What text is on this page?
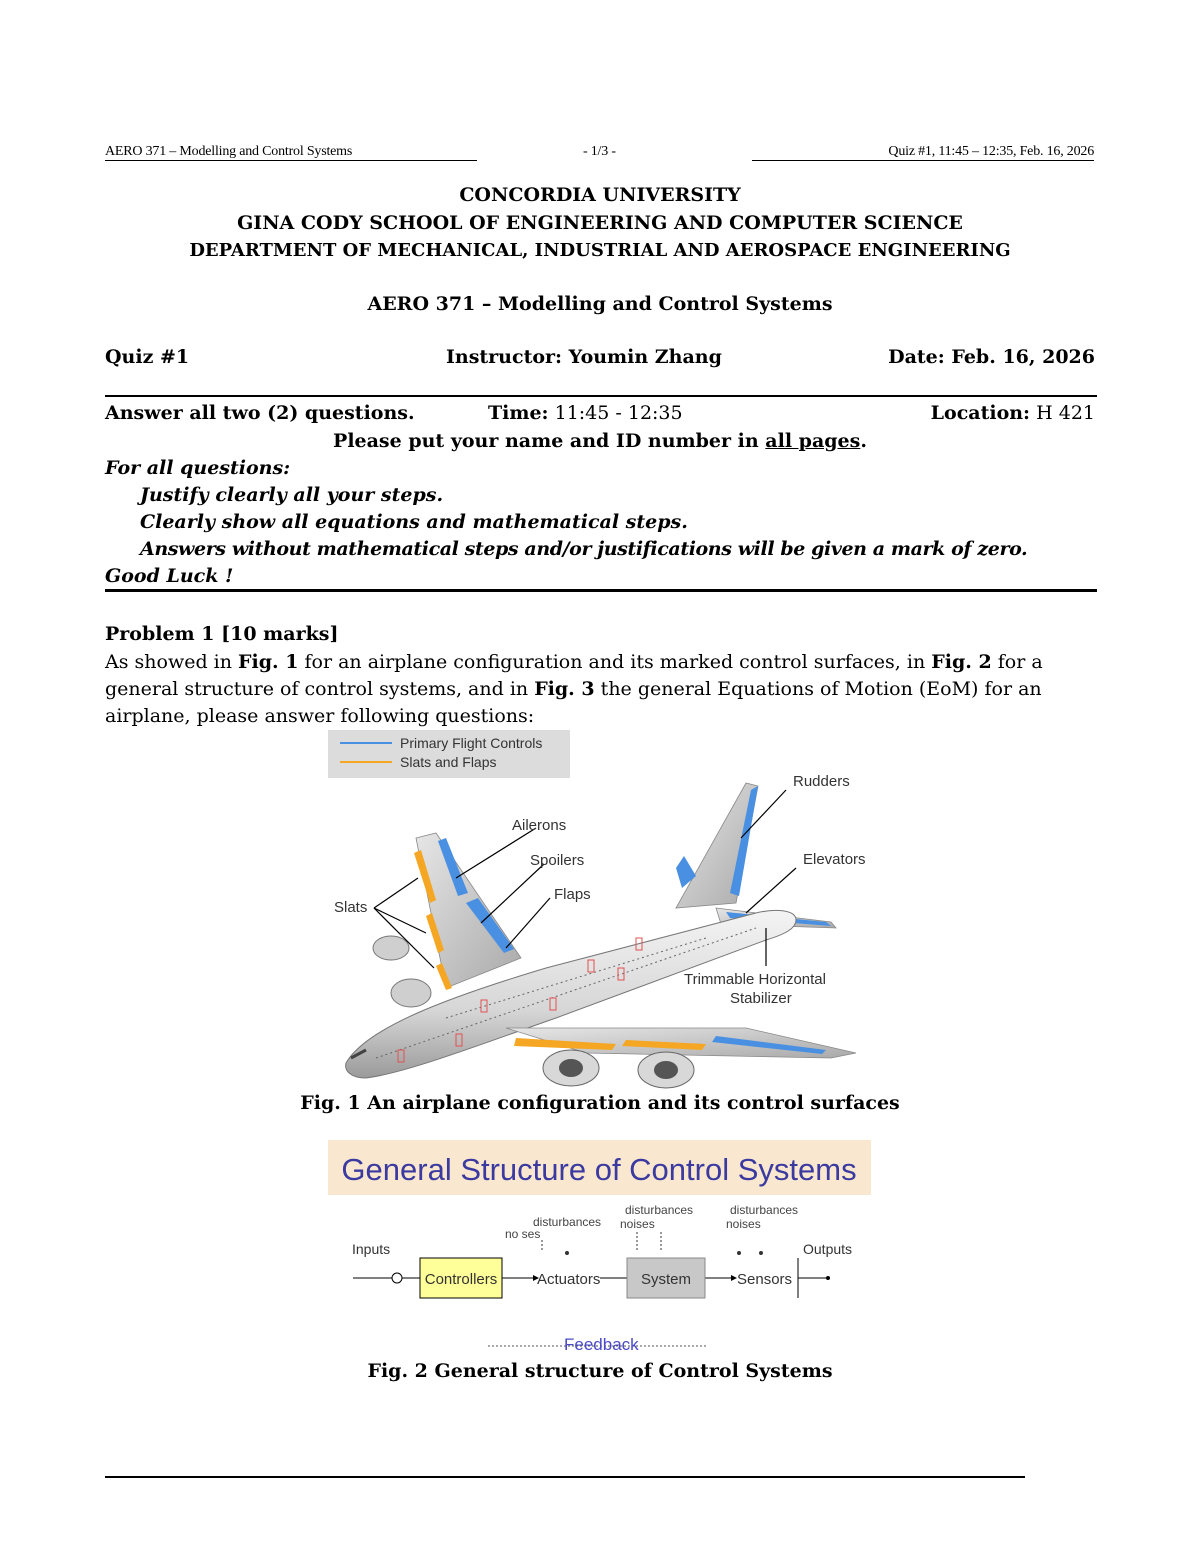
AERO 371 – Modelling and Control Systems	- 1/3 -	Quiz #1, 11:45 – 12:35, Feb. 16, 2026
CONCORDIA UNIVERSITY
GINA CODY SCHOOL OF ENGINEERING AND COMPUTER SCIENCE
DEPARTMENT OF MECHANICAL, INDUSTRIAL AND AEROSPACE ENGINEERING
AERO 371 – Modelling and Control Systems
Quiz #1	Instructor: Youmin Zhang	Date: Feb. 16, 2026
Answer all two (2) questions.	Time: 11:45 - 12:35	Location: H 421
Please put your name and ID number in all pages.
For all questions:
Justify clearly all your steps.
Clearly show all equations and mathematical steps.
Answers without mathematical steps and/or justifications will be given a mark of zero.
Good Luck !
Problem 1 [10 marks]
As showed in Fig. 1 for an airplane configuration and its marked control surfaces, in Fig. 2 for a general structure of control systems, and in Fig. 3 the general Equations of Motion (EoM) for an airplane, please answer following questions:
Primary Flight Controls
Slats and Flaps
Rudders
Ailerons
Spoilers	Elevators
Flaps
Slats
Trimmable Horizontal
Stabilizer
Fig. 1 An airplane configuration and its control surfaces
General Structure of Control Systems
disturbances
no ses
disturbances
noises
disturbances
noises
Inputs	Outputs
Controllers	Actuators	System	Sensors
Feedback
Fig. 2 General structure of Control Systems
